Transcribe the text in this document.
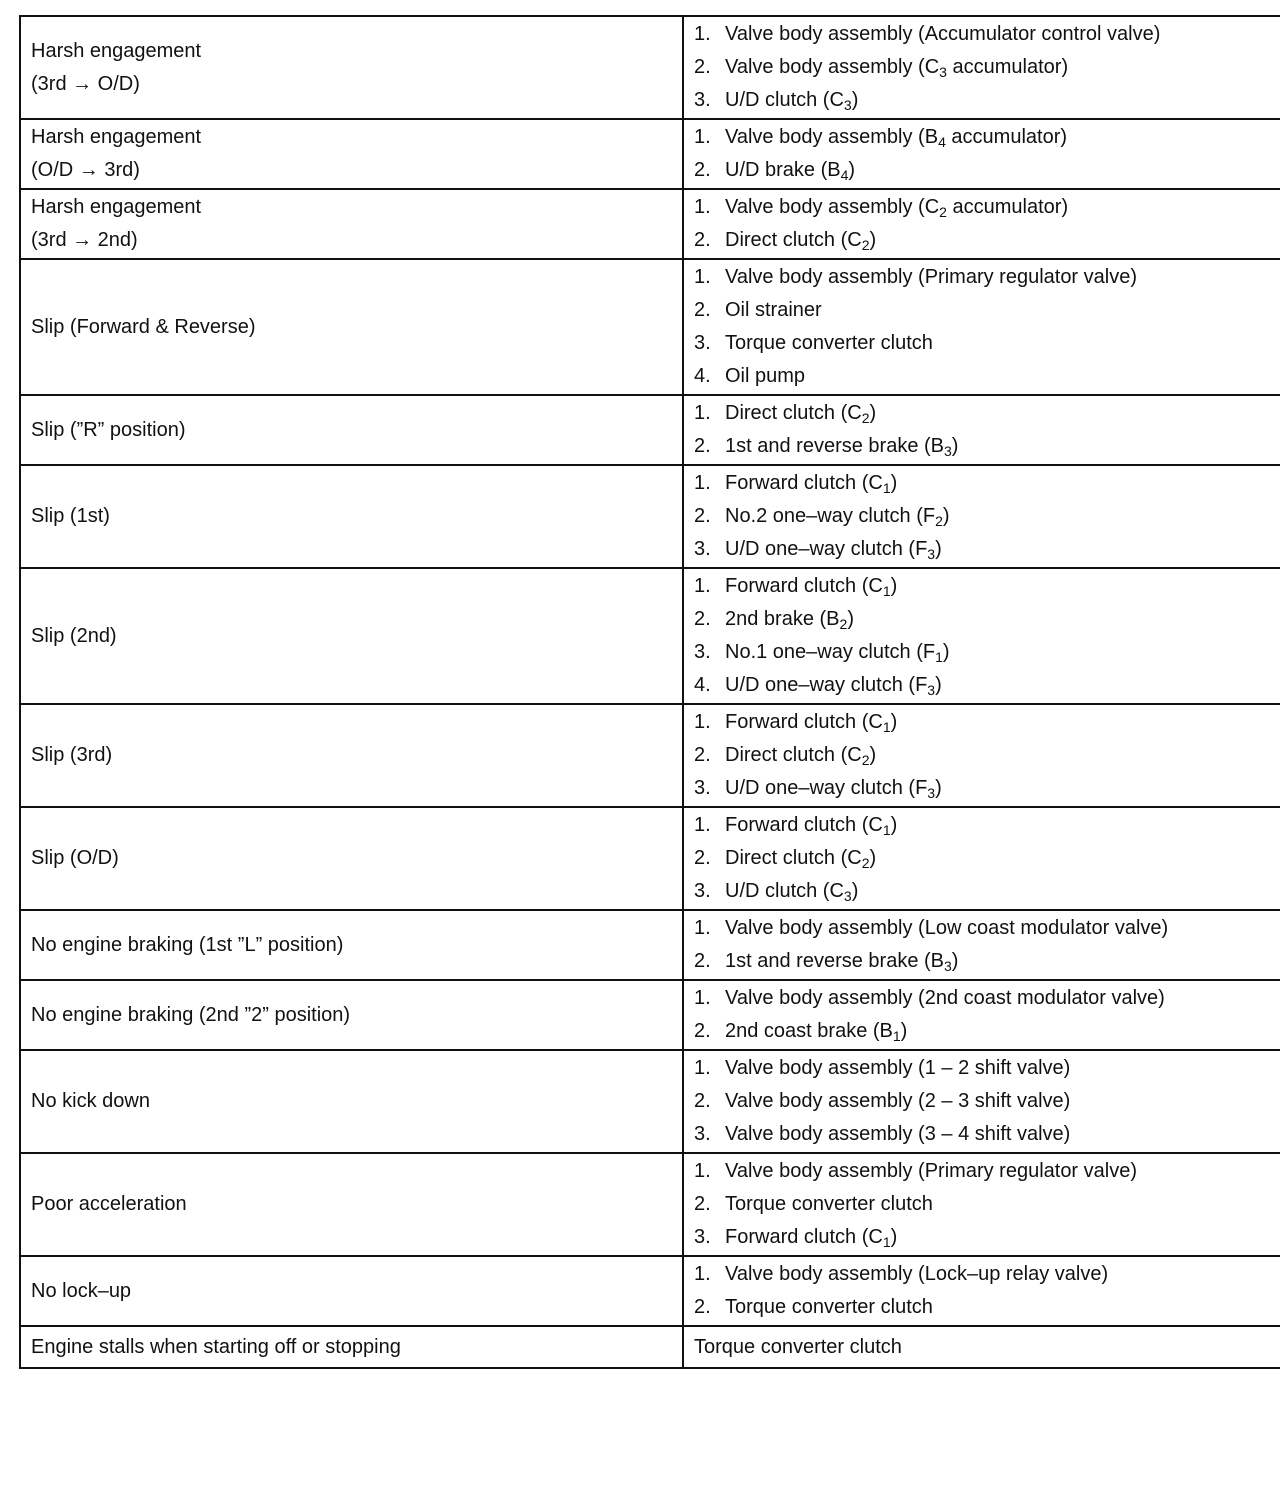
Harsh engagement
(3rd → O/D)	1. Valve body assembly (Accumulator control valve)
2. Valve body assembly ($C_3$ accumulator)
3. U/D clutch $(C_3)$

Harsh engagement
(O/D → 3rd)	1. Valve body assembly ($B_4$ accumulator)
2. U/D brake $(B_4)$

Harsh engagement
(3rd → 2nd)	1. Valve body assembly ($C_2$ accumulator)
2. Direct clutch $(C_2)$

Slip (Forward & Reverse)	1. Valve body assembly (Primary regulator valve)
2. Oil strainer
3. Torque converter clutch
4. Oil pump

Slip (”R” position)	1. Direct clutch $(C_2)$
2. 1st and reverse brake $(B_3)$

Slip (1st)	1. Forward clutch $(C_1)$
2. No.2 one–way clutch $(F_2)$
3. U/D one–way clutch $(F_3)$

Slip (2nd)	1. Forward clutch $(C_1)$
2. 2nd brake $(B_2)$
3. No.1 one–way clutch $(F_1)$
4. U/D one–way clutch $(F_3)$

Slip (3rd)	1. Forward clutch $(C_1)$
2. Direct clutch $(C_2)$
3. U/D one–way clutch $(F_3)$

Slip (O/D)	1. Forward clutch $(C_1)$
2. Direct clutch $(C_2)$
3. U/D clutch $(C_3)$

No engine braking (1st ”L” position)	1. Valve body assembly (Low coast modulator valve)
2. 1st and reverse brake $(B_3)$

No engine braking (2nd ”2” position)	1. Valve body assembly (2nd coast modulator valve)
2. 2nd coast brake $(B_1)$

No kick down	1. Valve body assembly (1 – 2 shift valve)
2. Valve body assembly (2 – 3 shift valve)
3. Valve body assembly (3 – 4 shift valve)

Poor acceleration	1. Valve body assembly (Primary regulator valve)
2. Torque converter clutch
3. Forward clutch $(C_1)$

No lock–up	1. Valve body assembly (Lock–up relay valve)
2. Torque converter clutch

Engine stalls when starting off or stopping	Torque converter clutch
